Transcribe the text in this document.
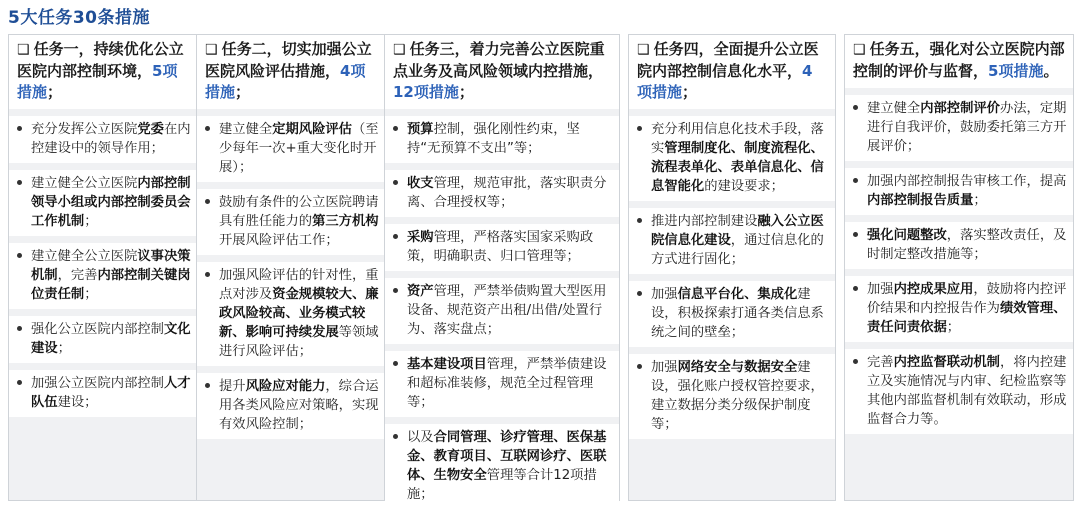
5大任务30条措施
❑ 任务一，持续优化公立医院内部控制环境，5项措施；
充分发挥公立医院党委在内控建设中的领导作用；
建立健全公立医院内部控制领导小组或内部控制委员会工作机制；
建立健全公立医院议事决策机制，完善内部控制关键岗位责任制；
强化公立医院内部控制文化建设；
加强公立医院内部控制人才队伍建设；
❑ 任务二，切实加强公立医院风险评估措施，4项措施；
建立健全定期风险评估（至少每年一次+重大变化时开展）；
鼓励有条件的公立医院聘请具有胜任能力的第三方机构开展风险评估工作；
加强风险评估的针对性，重点对涉及资金规模较大、廉政风险较高、业务模式较新、影响可持续发展等领域进行风险评估；
提升风险应对能力，综合运用各类风险应对策略，实现有效风险控制；
❑ 任务三，着力完善公立医院重点业务及高风险领域内控措施，12项措施；
预算控制，强化刚性约束，坚持“无预算不支出”等；
收支管理，规范审批，落实职责分离、合理授权等；
采购管理，严格落实国家采购政策，明确职责、归口管理等；
资产管理，严禁举债购置大型医用设备、规范资产出租/出借/处置行为、落实盘点；
基本建设项目管理，严禁举债建设和超标准装修，规范全过程管理等；
以及合同管理、诊疗管理、医保基金、教育项目、互联网诊疗、医联体、生物安全管理等合计12项措施；
❑ 任务四，全面提升公立医院内部控制信息化水平，4项措施；
充分利用信息化技术手段，落实管理制度化、制度流程化、流程表单化、表单信息化、信息智能化的建设要求；
推进内部控制建设融入公立医院信息化建设，通过信息化的方式进行固化；
加强信息平台化、集成化建设，积极探索打通各类信息系统之间的壁垒；
加强网络安全与数据安全建设，强化账户授权管控要求，建立数据分类分级保护制度等；
❑ 任务五，强化对公立医院内部控制的评价与监督，5项措施。
建立健全内部控制评价办法，定期进行自我评价，鼓励委托第三方开展评价；
加强内部控制报告审核工作，提高内部控制报告质量；
强化问题整改，落实整改责任，及时制定整改措施等；
加强内控成果应用，鼓励将内控评价结果和内控报告作为绩效管理、责任问责依据；
完善内控监督联动机制，将内控建立及实施情况与内审、纪检监察等其他内部监督机制有效联动，形成监督合力等。
